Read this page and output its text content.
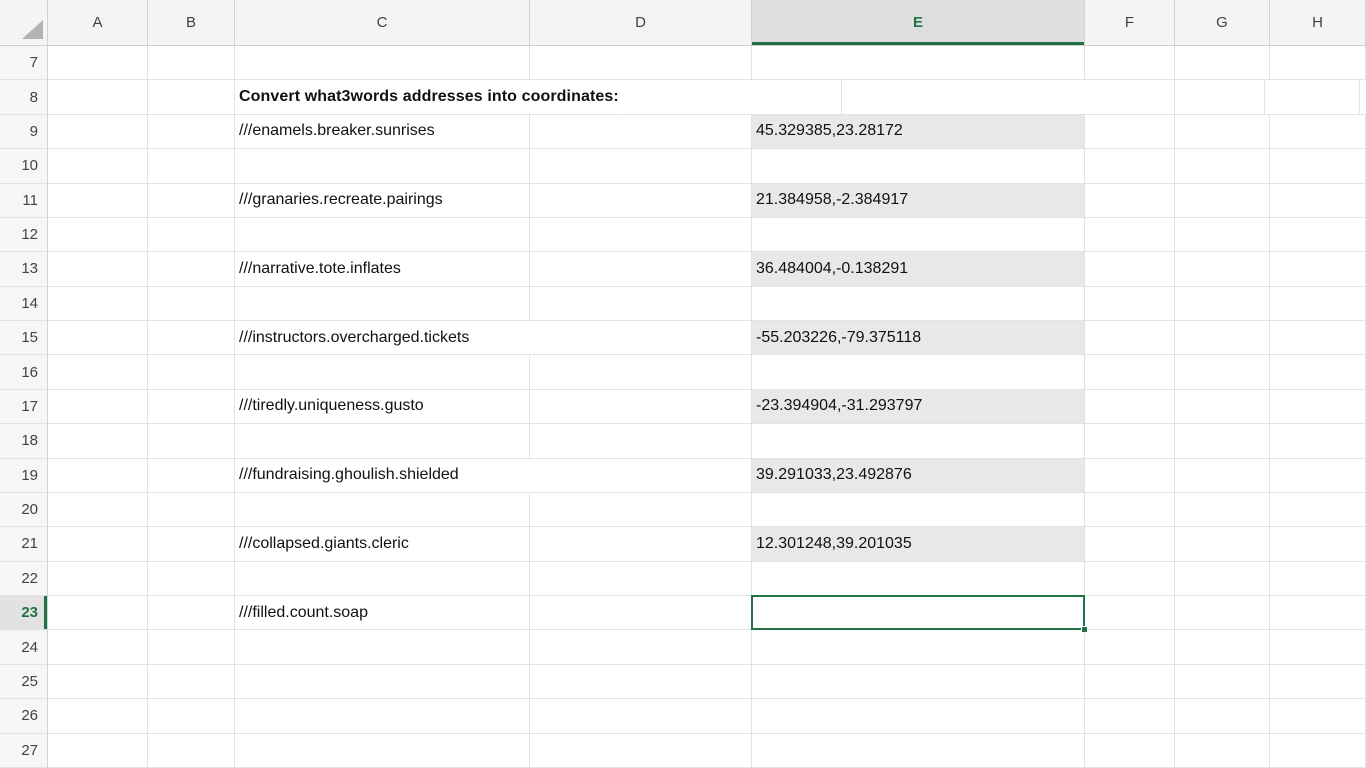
A	B	C	D	E	F	G	H
7
8	Convert what3words addresses into coordinates:
9	///enamels.breaker.sunrises	45.329385,23.28172
10
11	///granaries.recreate.pairings	21.384958,-2.384917
12
13	///narrative.tote.inflates	36.484004,-0.138291
14
15	///instructors.overcharged.tickets	-55.203226,-79.375118
16
17	///tiredly.uniqueness.gusto	-23.394904,-31.293797
18
19	///fundraising.ghoulish.shielded	39.291033,23.492876
20
21	///collapsed.giants.cleric	12.301248,39.201035
22
23	///filled.count.soap
24
25
26
27
